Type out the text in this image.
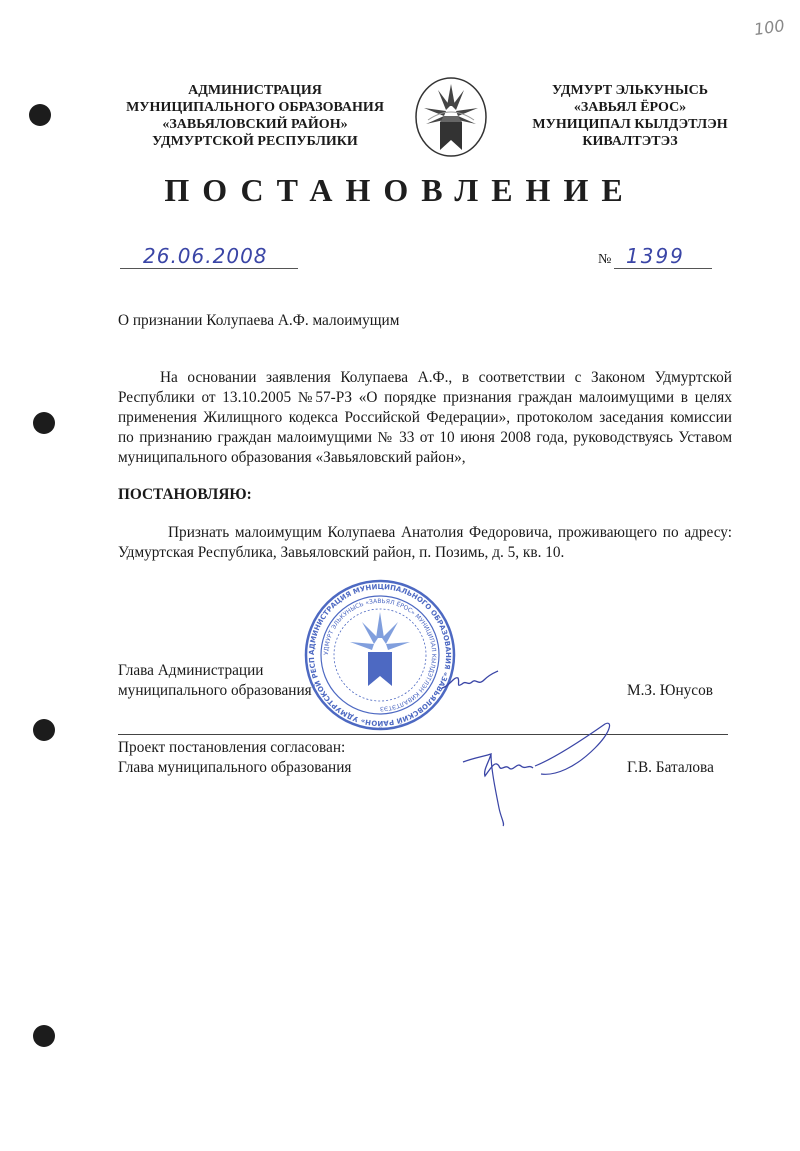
100
АДМИНИСТРАЦИЯ
МУНИЦИПАЛЬНОГО ОБРАЗОВАНИЯ
«ЗАВЬЯЛОВСКИЙ РАЙОН»
УДМУРТСКОЙ РЕСПУБЛИКИ
УДМУРТ ЭЛЬКУНЫСЬ
«ЗАВЬЯЛ ЁРОС»
МУНИЦИПАЛ КЫЛДЭТЛЭН
КИВАЛТЭТЭЗ
ПОСТАНОВЛЕНИЕ
26.06.2008	№ 1399
О признании Колупаева А.Ф. малоимущим
На основании заявления Колупаева А.Ф., в соответствии с Законом Удмуртской Республики от 13.10.2005 №57-РЗ «О порядке признания граждан малоимущими в целях применения Жилищного кодекса Российской Федерации», протоколом заседания комиссии по признанию граждан малоимущими № 33 от 10 июня 2008 года, руководствуясь Уставом муниципального образования «Завьяловский район»,
ПОСТАНОВЛЯЮ:
Признать малоимущим Колупаева Анатолия Федоровича, проживающего по адресу: Удмуртская Республика, Завьяловский район, п. Позимь, д. 5, кв. 10.
АДМИНИСТРАЦИЯ МУНИЦИПАЛЬНОГО ОБРАЗОВАНИЯ «ЗАВЬЯЛОВСКИЙ РАЙОН» УДМУРТСКОЙ РЕСП
УДМУРТ ЭЛЬКУНЫСЬ «ЗАВЬЯЛ ЁРОС» МУНИЦИПАЛ КЫЛДЭТЛЭН КИВАЛТЭТЭЗ
Глава Администрации
муниципального образования	М.З. Юнусов
Проект постановления согласован:
Глава муниципального образования	Г.В. Баталова
